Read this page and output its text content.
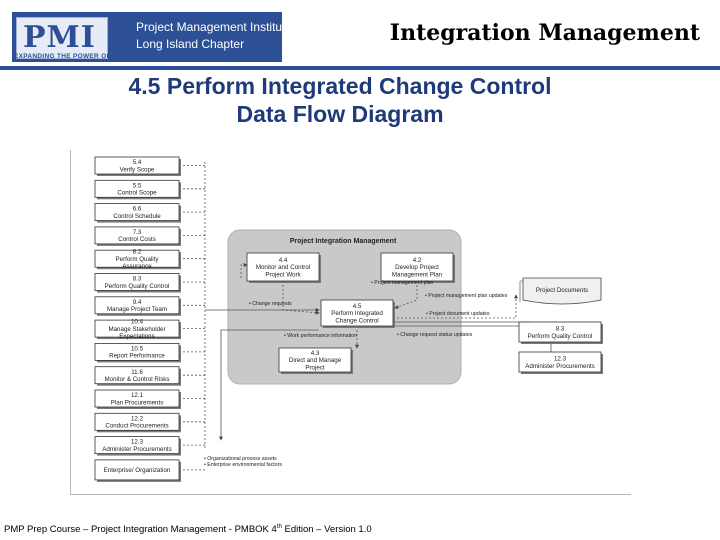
PMI	Project Management Institute
Long Island Chapter
EXPANDING THE POWER OF PROJECT MANAGEMENT ON LONG ISLAND
Integration Management
4.5 Perform Integrated Change Control
Data Flow Diagram
Project Integration Management
5.4
Verify Scope
5.5
Control Scope
6.6
Control Schedule
7.3
Control Costs
8.2
Perform Quality
Assurance
8.3
Perform Quality Control
9.4
Manage Project Team
10.4
Manage Stakeholder
Expectations
10.5
Report Performance
11.6
Monitor & Control Risks
12.1
Plan Procurements
12.2
Conduct Procurements
12.3
Administer Procurements
Enterprise/ Organization
4.4
Monitor and Control
Project Work
4.2
Develop Project
Management Plan
4.5
Perform Integrated
Change Control
4.3
Direct and Manage
Project
• Change requests
• Work performance information
• Project management plan
• Project management plan updates
• Project document updates
• Change request status updates
• Organizational process assets
• Enterprise environmental factors
Project Documents
8.3
Perform Quality Control
12.3
Administer Procurements
PMP Prep Course – Project Integration Management - PMBOK 4th Edition – Version 1.0
